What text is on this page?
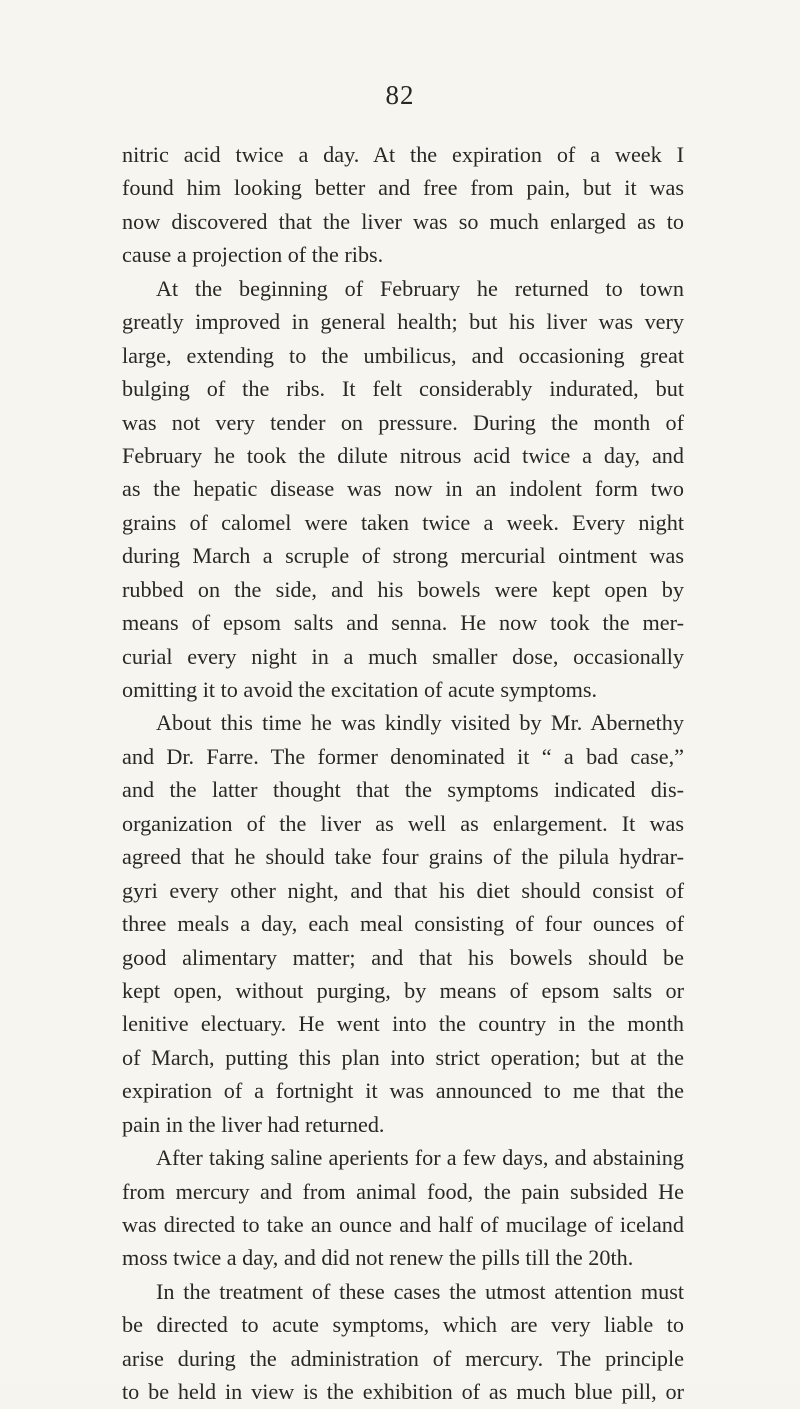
82
nitric acid twice a day. At the expiration of a week I
found him looking better and free from pain, but it was
now discovered that the liver was so much enlarged as to
cause a projection of the ribs.
At the beginning of February he returned to town
greatly improved in general health; but his liver was very
large, extending to the umbilicus, and occasioning great
bulging of the ribs. It felt considerably indurated, but
was not very tender on pressure. During the month of
February he took the dilute nitrous acid twice a day, and
as the hepatic disease was now in an indolent form two
grains of calomel were taken twice a week. Every night
during March a scruple of strong mercurial ointment was
rubbed on the side, and his bowels were kept open by
means of epsom salts and senna. He now took the mer-
curial every night in a much smaller dose, occasionally
omitting it to avoid the excitation of acute symptoms.
About this time he was kindly visited by Mr. Abernethy
and Dr. Farre. The former denominated it “ a bad case,”
and the latter thought that the symptoms indicated dis-
organization of the liver as well as enlargement. It was
agreed that he should take four grains of the pilula hydrar-
gyri every other night, and that his diet should consist of
three meals a day, each meal consisting of four ounces of
good alimentary matter; and that his bowels should be
kept open, without purging, by means of epsom salts or
lenitive electuary. He went into the country in the month
of March, putting this plan into strict operation; but at the
expiration of a fortnight it was announced to me that the
pain in the liver had returned.
After taking saline aperients for a few days, and abstaining
from mercury and from animal food, the pain subsided He
was directed to take an ounce and half of mucilage of iceland
moss twice a day, and did not renew the pills till the 20th.
In the treatment of these cases the utmost attention must
be directed to acute symptoms, which are very liable to
arise during the administration of mercury. The principle
to be held in view is the exhibition of as much blue pill, or
